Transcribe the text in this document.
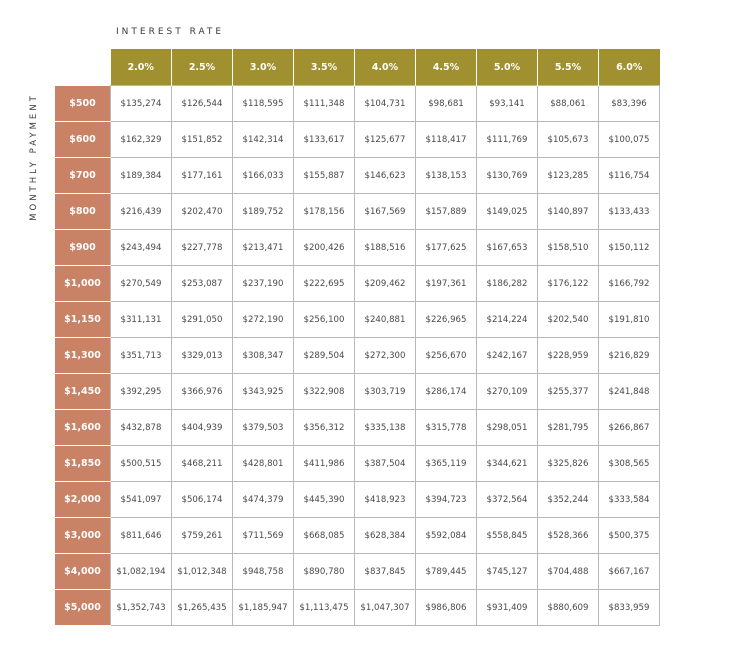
INTEREST RATE
MONTHLY PAYMENT
	2.0%	2.5%	3.0%	3.5%	4.0%	4.5%	5.0%	5.5%	6.0%
$500	$135,274	$126,544	$118,595	$111,348	$104,731	$98,681	$93,141	$88,061	$83,396
$600	$162,329	$151,852	$142,314	$133,617	$125,677	$118,417	$111,769	$105,673	$100,075
$700	$189,384	$177,161	$166,033	$155,887	$146,623	$138,153	$130,769	$123,285	$116,754
$800	$216,439	$202,470	$189,752	$178,156	$167,569	$157,889	$149,025	$140,897	$133,433
$900	$243,494	$227,778	$213,471	$200,426	$188,516	$177,625	$167,653	$158,510	$150,112
$1,000	$270,549	$253,087	$237,190	$222,695	$209,462	$197,361	$186,282	$176,122	$166,792
$1,150	$311,131	$291,050	$272,190	$256,100	$240,881	$226,965	$214,224	$202,540	$191,810
$1,300	$351,713	$329,013	$308,347	$289,504	$272,300	$256,670	$242,167	$228,959	$216,829
$1,450	$392,295	$366,976	$343,925	$322,908	$303,719	$286,174	$270,109	$255,377	$241,848
$1,600	$432,878	$404,939	$379,503	$356,312	$335,138	$315,778	$298,051	$281,795	$266,867
$1,850	$500,515	$468,211	$428,801	$411,986	$387,504	$365,119	$344,621	$325,826	$308,565
$2,000	$541,097	$506,174	$474,379	$445,390	$418,923	$394,723	$372,564	$352,244	$333,584
$3,000	$811,646	$759,261	$711,569	$668,085	$628,384	$592,084	$558,845	$528,366	$500,375
$4,000	$1,082,194	$1,012,348	$948,758	$890,780	$837,845	$789,445	$745,127	$704,488	$667,167
$5,000	$1,352,743	$1,265,435	$1,185,947	$1,113,475	$1,047,307	$986,806	$931,409	$880,609	$833,959
